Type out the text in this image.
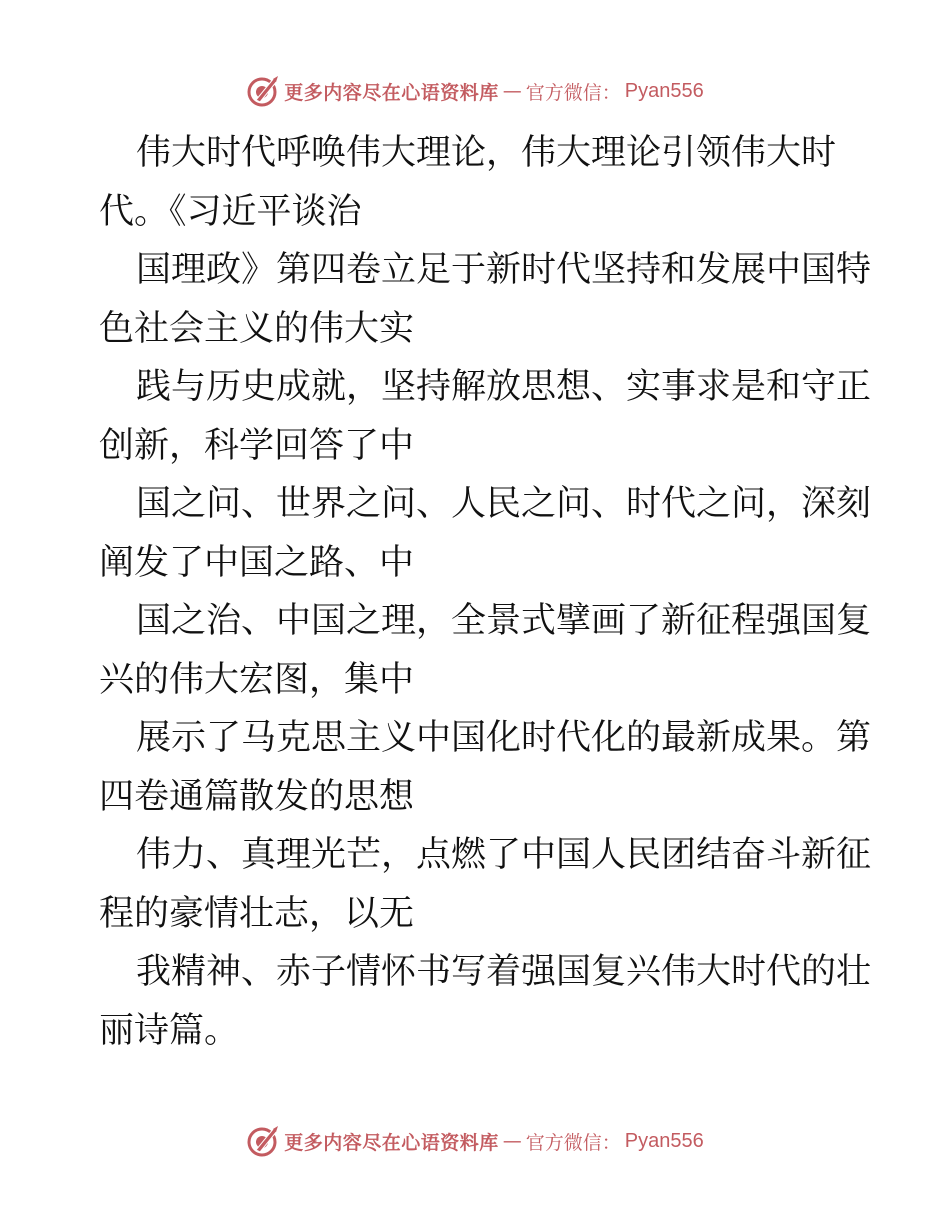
更多内容尽在心语资料库 — 官方微信： Pyan556
伟大时代呼唤伟大理论，伟大理论引领伟大时
代。《习近平谈治
国理政》第四卷立足于新时代坚持和发展中国特
色社会主义的伟大实
践与历史成就，坚持解放思想、实事求是和守正
创新，科学回答了中
国之问、世界之问、人民之问、时代之问，深刻
阐发了中国之路、中
国之治、中国之理，全景式擘画了新征程强国复
兴的伟大宏图，集中
展示了马克思主义中国化时代化的最新成果。第
四卷通篇散发的思想
伟力、真理光芒，点燃了中国人民团结奋斗新征
程的豪情壮志，以无
我精神、赤子情怀书写着强国复兴伟大时代的壮
丽诗篇。
更多内容尽在心语资料库 — 官方微信： Pyan556
